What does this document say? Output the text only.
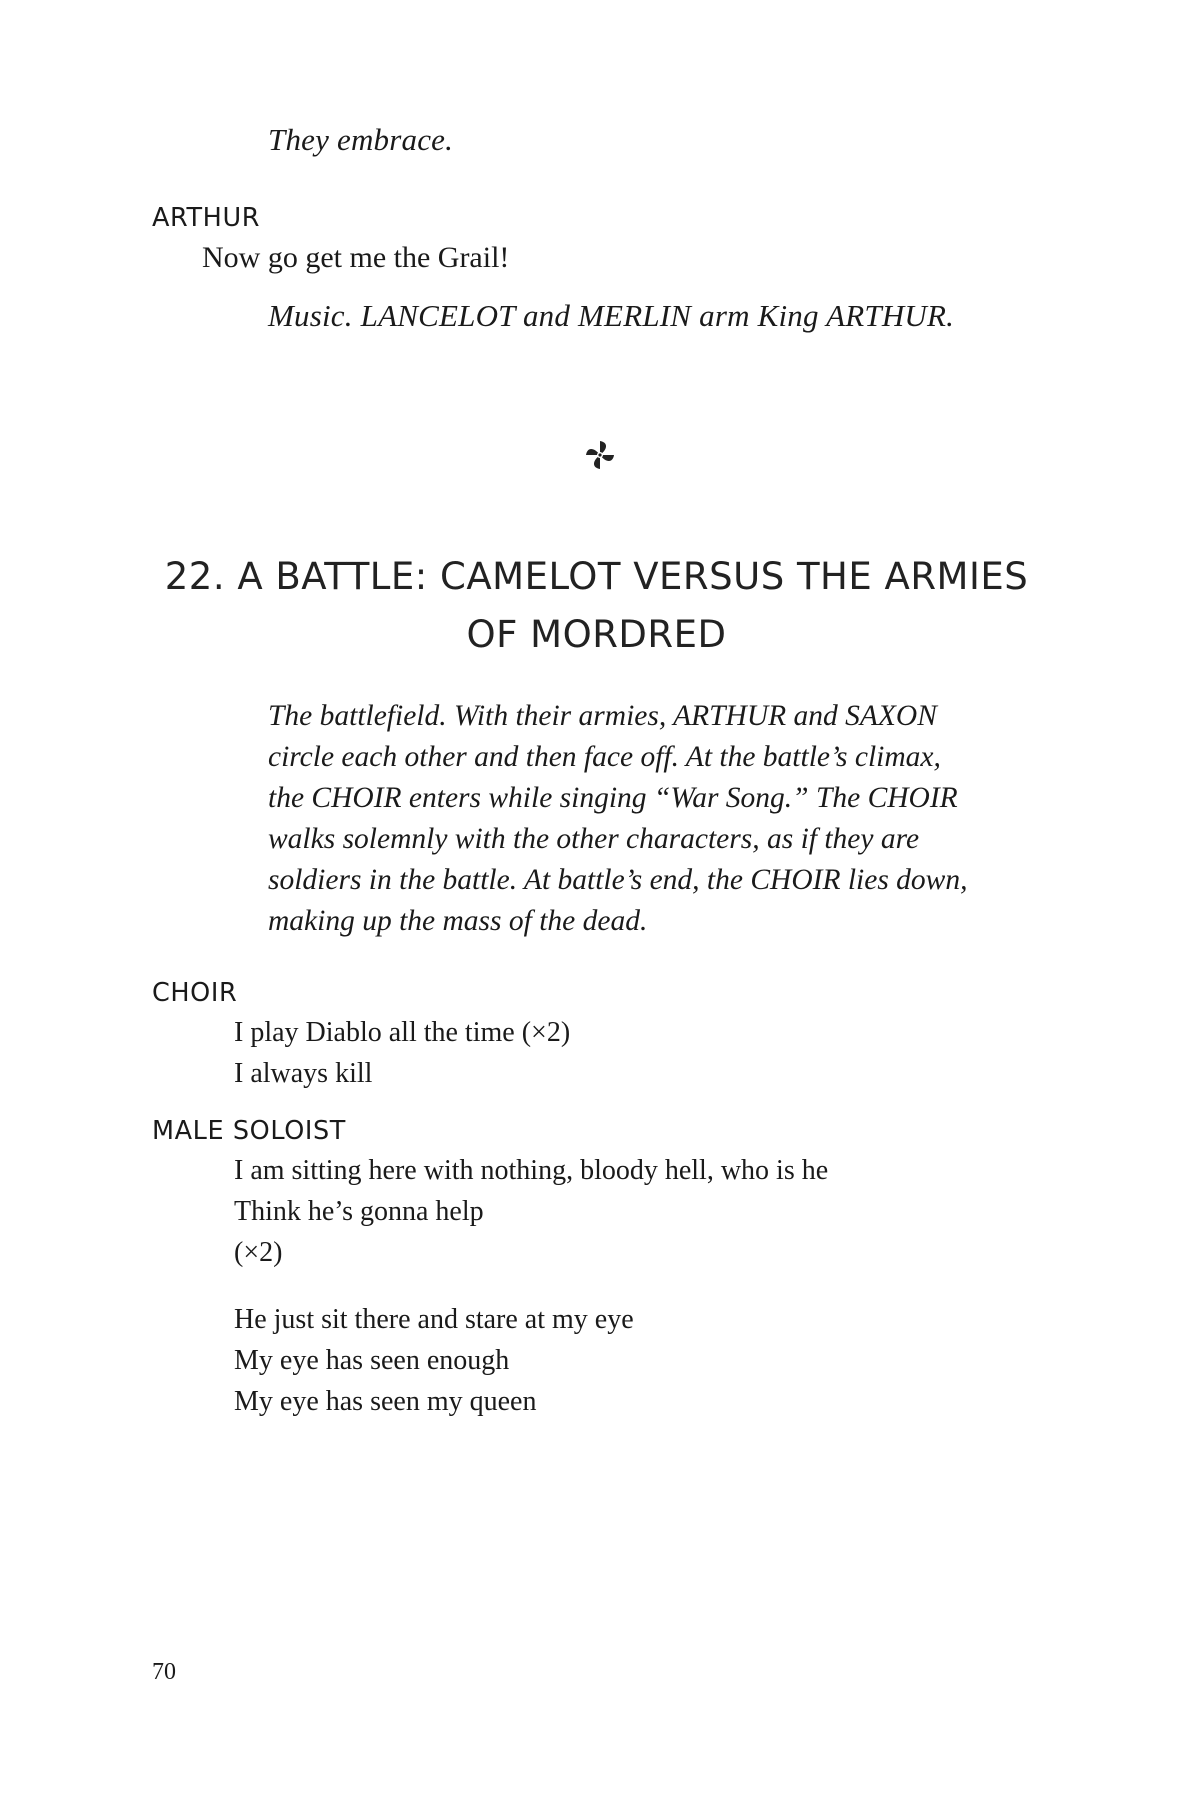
They embrace.
ARTHUR
Now go get me the Grail!
Music. LANCELOT and MERLIN arm King ARTHUR.
22. A BATTLE: CAMELOT VERSUS THE ARMIES
OF MORDRED
The battlefield. With their armies, ARTHUR and SAXON
circle each other and then face off. At the battle’s climax,
the CHOIR enters while singing “War Song.” The CHOIR
walks solemnly with the other characters, as if they are
soldiers in the battle. At battle’s end, the CHOIR lies down,
making up the mass of the dead.
CHOIR
I play Diablo all the time (×2)
I always kill
MALE SOLOIST
I am sitting here with nothing, bloody hell, who is he
Think he’s gonna help
(×2)
He just sit there and stare at my eye
My eye has seen enough
My eye has seen my queen
70
